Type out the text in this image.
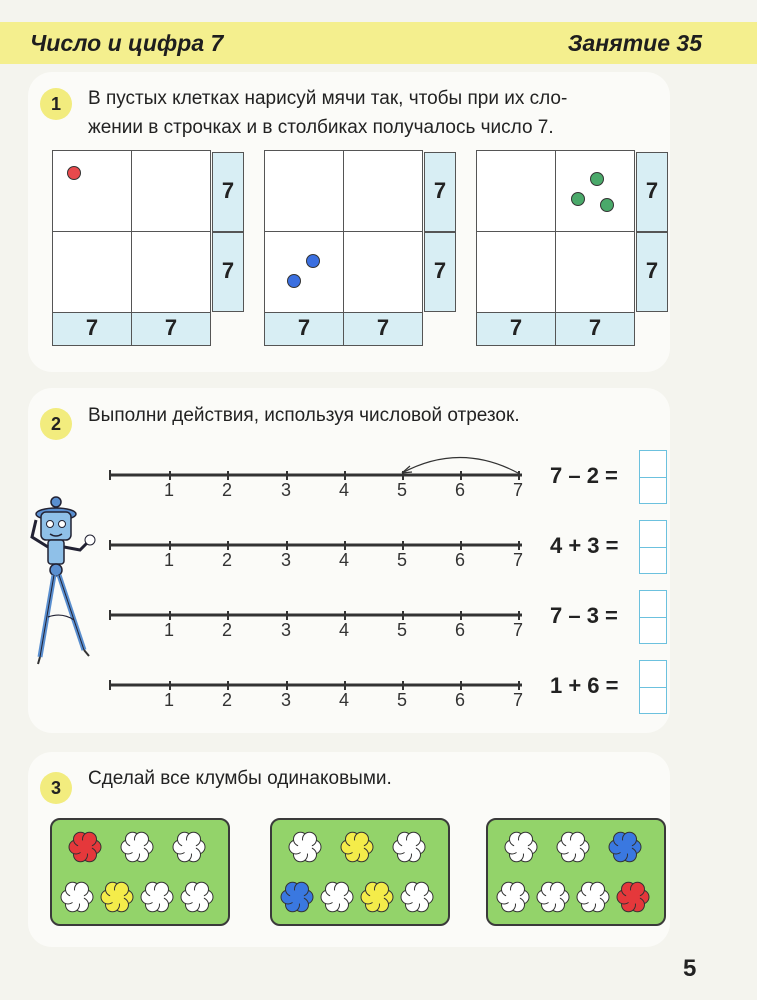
Число и цифра 7	Занятие 35
1	В пустых клетках нарисуй мячи так, чтобы при их сло-
жении в строчках и в столбиках получалось число 7.
7
7
7	7
7
7
7	7
7
7
7	7
2	Выполни действия, используя числовой отрезок.
1	2	3	4	5	6	7
1	2	3	4	5	6	7
1	2	3	4	5	6	7
1	2	3	4	5	6	7
7 – 2 =
4 + 3 =
7 – 3 =
1 + 6 =
3	Сделай все клумбы одинаковыми.
5
